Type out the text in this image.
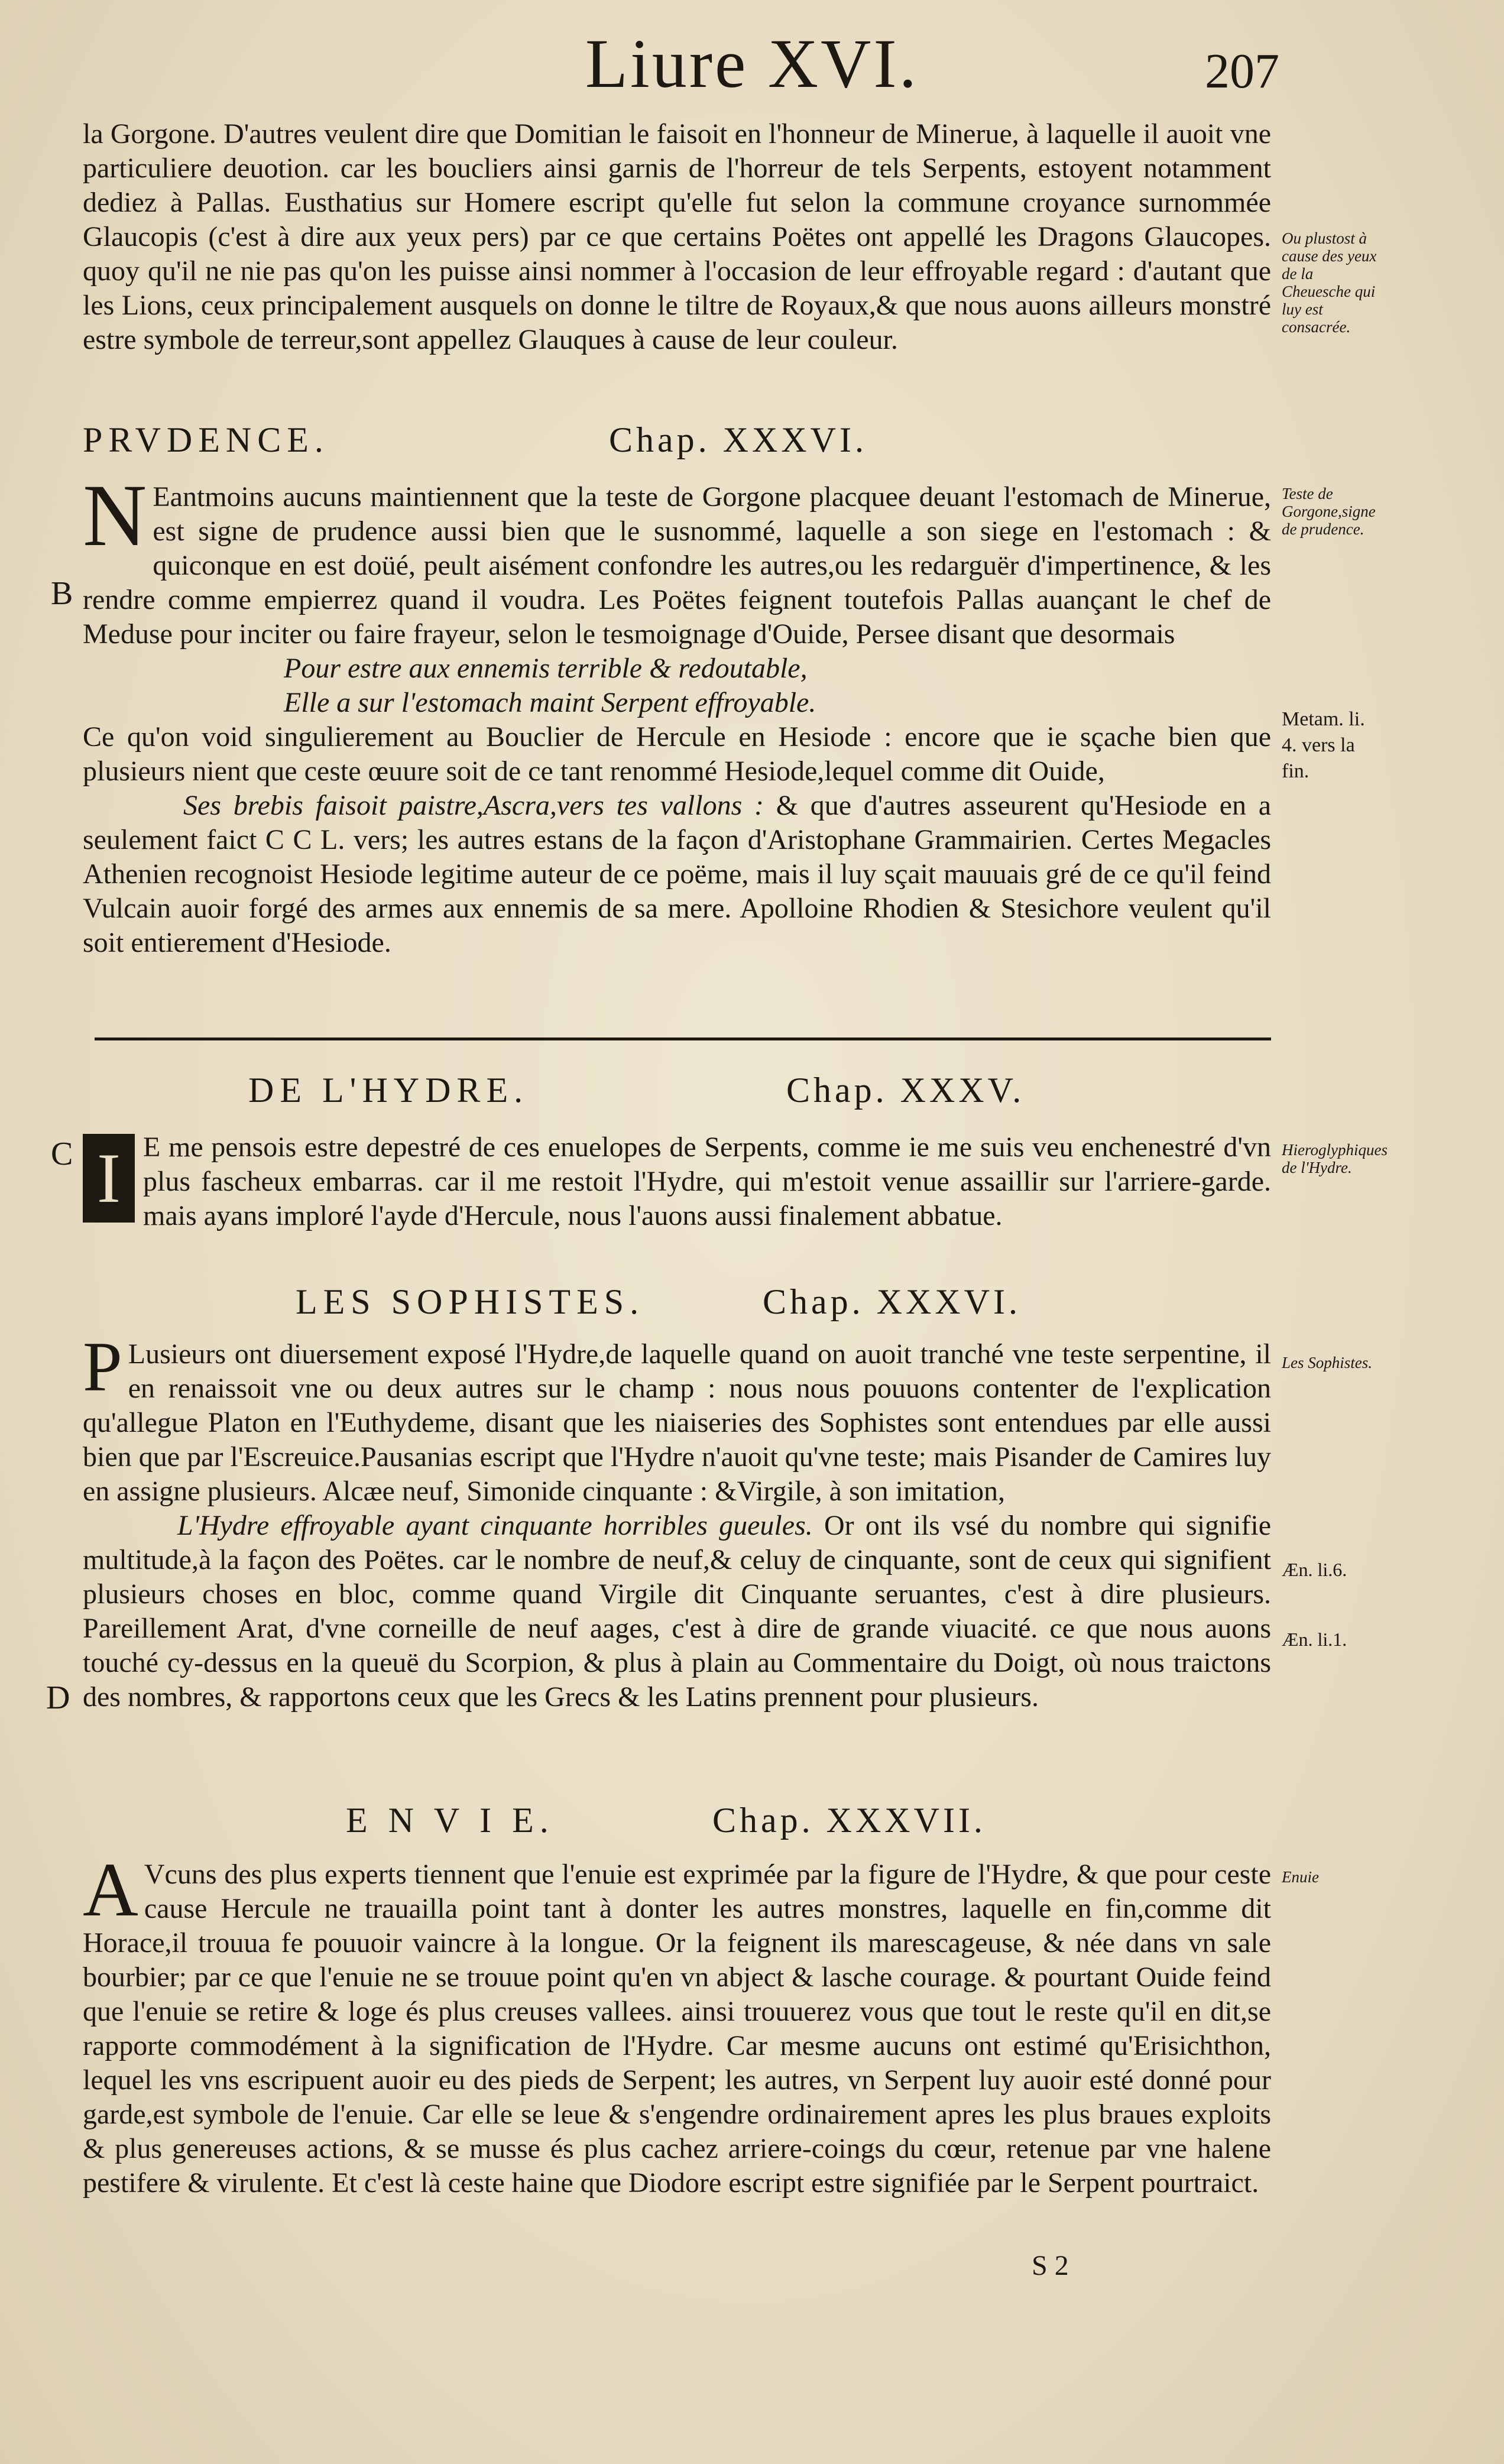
Liure XVI.	207

la Gorgone. D'autres veulent dire que Domitian le faisoit en l'honneur de Mineruе, à laquelle il auoit vne particuliere deuotion. car les boucliers ainsi garnis de l'horreur de tels Serpents, estoyent notamment dediez à Pallas. Eusthatius sur Homere escript qu'elle fut selon la commune croyance surnommée Glaucopis (c'est à dire aux yeux pers) par ce que certains Poëtes ont appellé les Dragons Glaucopes. quoy qu'il ne nie pas qu'on les puisse ainsi nommer à l'occasion de leur effroyable regard : d'autant que les Lions, ceux principalement ausquels on donne le tiltre de Royaux,& que nous auons ailleurs monstré estre symbole de terreur,sont appellez Glauques à cause de leur couleur.

PRVDENCE.	Chap. XXXVI.
N Eantmoins aucuns maintiennent que la teste de Gorgone placquee deuant l'estomach de Mineruе, est signe de prudence aussi bien que le susnommé, laquelle a son siege en l'estomach : & quiconque en est doüé, peult aisément confondre les autres,ou les redarguër d'impertinence, & les rendre comme empierrez quand il voudra. Les Poëtes feignent toutefois Pallas auançant le chef de Meduse pour inciter ou faire frayeur, selon le tesmoignage d'Ouide, Persee disant que desormais

Pour estre aux ennemis terrible & redoutable,

Elle a sur l'estomach maint Serpent effroyable.

Ce qu'on void singulierement au Bouclier de Hercule en Hesiode : encore que ie sçache bien que plusieurs nient que ceste œuure soit de ce tant renommé Hesiode,lequel comme dit Ouide,

Ses brebis faisoit paistre,Ascra,vers tes vallons : & que d'autres asseurent qu'Hesiode en a seulement faict C C L. vers; les autres estans de la façon d'Aristophane Grammairien. Certes Megacles Athenien recognoist Hesiode legitime auteur de ce poëme, mais il luy sçait mauuais gré de ce qu'il feind Vulcain auoir forgé des armes aux ennemis de sa mere. Apolloine Rhodien & Stesichore veulent qu'il soit entierement d'Hesiode.

DE L'HYDRE.	Chap. XXXV.
I E me pensois estre depestré de ces enuelopes de Serpents, comme ie me suis veu enchenestré d'vn plus fascheux embarras. car il me restoit l'Hydre, qui m'estoit venue assaillir sur l'arriere-garde. mais ayans imploré l'ayde d'Hercule, nous l'auons aussi finalement abbatue.

LES SOPHISTES.	Chap. XXXVI.
P Lusieurs ont diuersement exposé l'Hydre,de laquelle quand on auoit tranché vne teste serpentine, il en renaissoit vne ou deux autres sur le champ : nous nous pouuons contenter de l'explication qu'allegue Platon en l'Euthydeme, disant que les niaiseries des Sophistes sont entendues par elle aussi bien que par l'Escreuice.Pausanias escript que l'Hydre n'auoit qu'vne teste; mais Pisander de Camires luy en assigne plusieurs. Alcæe neuf, Simonide cinquante : &Virgile, à son imitation,

L'Hydre effroyable ayant cinquante horribles gueules. Or ont ils vsé du nombre qui signifie multitude,à la façon des Poëtes. car le nombre de neuf,& celuy de cinquante, sont de ceux qui signifient plusieurs choses en bloc, comme quand Virgile dit Cinquante seruantes, c'est à dire plusieurs. Pareillement Arat, d'vne corneille de neuf aages, c'est à dire de grande viuacité. ce que nous auons touché cy-dessus en la queuë du Scorpion, & plus à plain au Commentaire du Doigt, où nous traictons des nombres, & rapportons ceux que les Grecs & les Latins prennent pour plusieurs.

E N V I E.	Chap. XXXVII.
A Vcuns des plus experts tiennent que l'enuie est exprimée par la figure de l'Hydre, & que pour ceste cause Hercule ne trauailla point tant à donter les autres monstres, laquelle en fin,comme dit Horace,il trouua fe pouuoir vaincre à la longue. Or la feignent ils marescageuse, & née dans vn sale bourbier; par ce que l'enuie ne se trouue point qu'en vn abject & lasche courage. & pourtant Ouide feind que l'enuie se retire & loge és plus creuses vallees. ainsi trouuerez vous que tout le reste qu'il en dit,se rapporte commodément à la signification de l'Hydre. Car mesme aucuns ont estimé qu'Erisichthon, lequel les vns escripuent auoir eu des pieds de Serpent; les autres, vn Serpent luy auoir esté donné pour garde,est symbole de l'enuie. Car elle se leue & s'engendre ordinairement apres les plus braues exploits & plus genereuses actions, & se musse és plus cachez arriere-coings du cœur, retenue par vne halene pestifere & virulente. Et c'est là ceste haine que Diodore escript estre signifiée par le Serpent pourtraict.

S 2
Ou plustost à cause des yeux de la Cheuesche qui luy est consacrée.
Teste de Gorgone,signe de prudence.
Metam. li. 4. vers la fin.
Hieroglyphiques de l'Hydre.
Les Sophistes.
Æn. li.6.
Æn. li.1.
Enuie
B
C
D
